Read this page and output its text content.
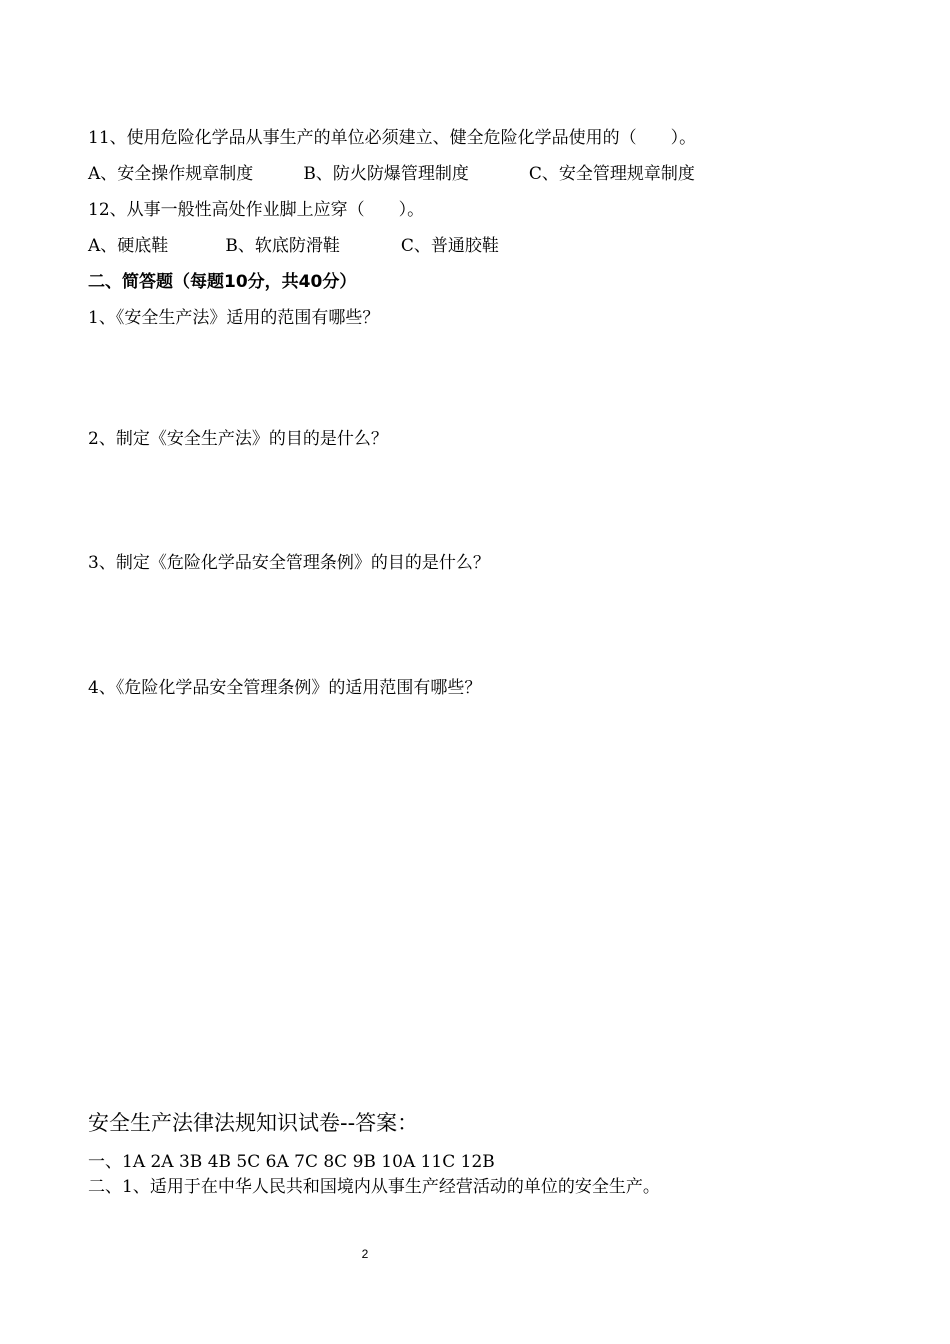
11、使用危险化学品从事生产的单位必须建立、健全危险化学品使用的（　　）。
A、安全操作规章制度	B、防火防爆管理制度	C、安全管理规章制度
12、从事一般性高处作业脚上应穿（　　）。
A、硬底鞋	B、软底防滑鞋	C、普通胶鞋
二、简答题（每题10分，共40分）
1、《安全生产法》适用的范围有哪些？
2、制定《安全生产法》的目的是什么？
3、制定《危险化学品安全管理条例》的目的是什么？
4、《危险化学品安全管理条例》的适用范围有哪些？
安全生产法律法规知识试卷--答案：
一、1A 2A 3B 4B 5C 6A 7C 8C 9B 10A 11C 12B
二、1、适用于在中华人民共和国境内从事生产经营活动的单位的安全生产。
2
